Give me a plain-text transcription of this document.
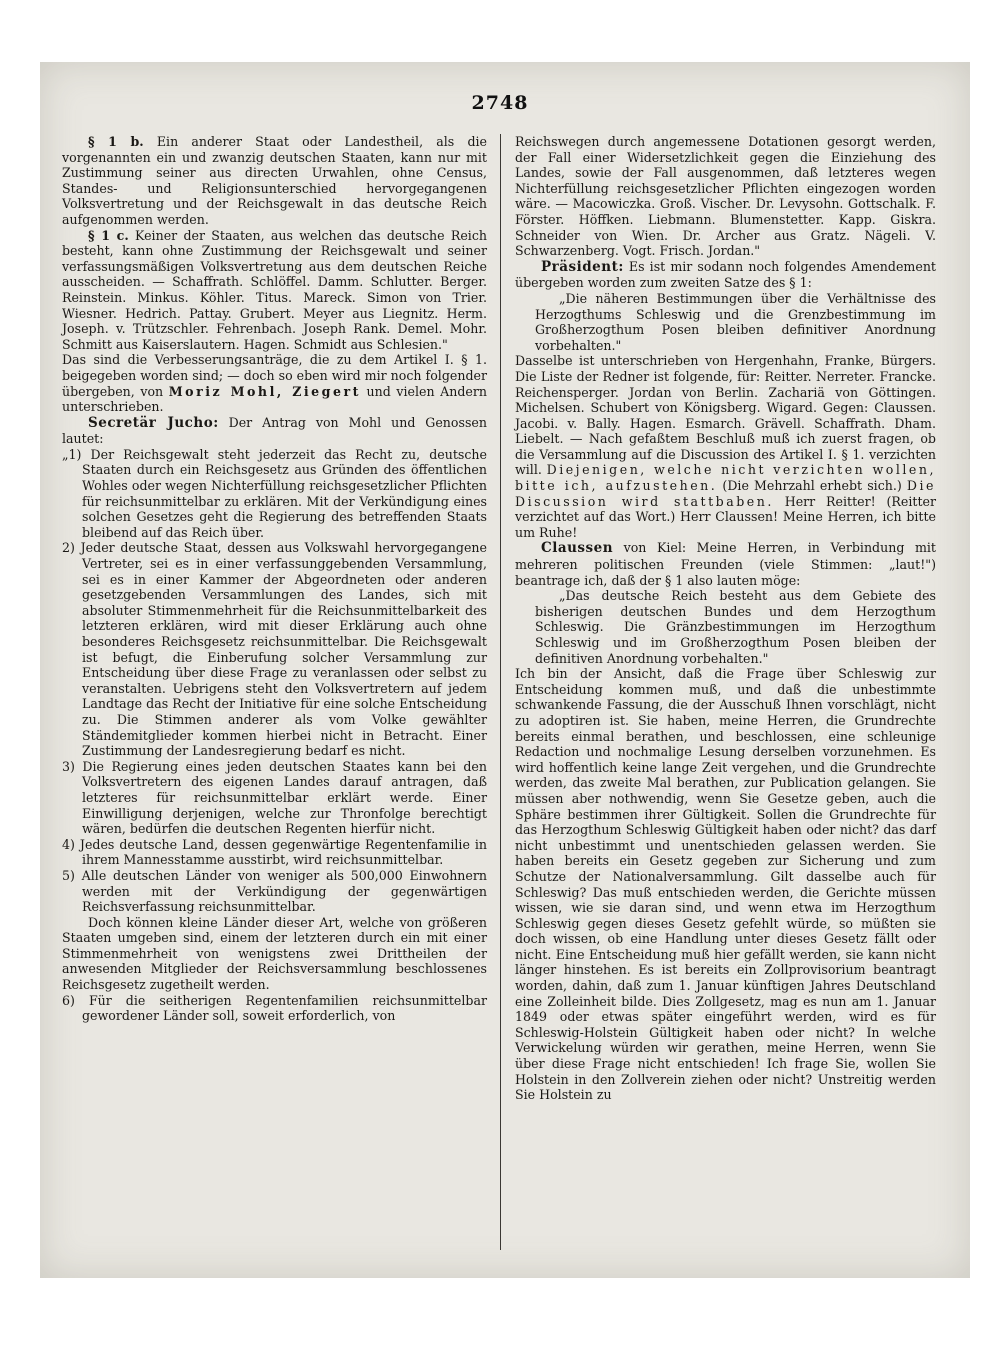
2748

§ 1 b. Ein anderer Staat oder Landestheil, als die vorgenannten ein und zwanzig deutschen Staaten, kann nur mit Zustimmung seiner aus directen Urwahlen, ohne Census, Standes- und Religionsunterschied hervorgegangenen Volksvertretung und der Reichsgewalt in das deutsche Reich aufgenommen werden.

§ 1 c. Keiner der Staaten, aus welchen das deutsche Reich besteht, kann ohne Zustimmung der Reichsgewalt und seiner verfassungsmäßigen Volksvertretung aus dem deutschen Reiche ausscheiden. — Schaffrath. Schlöffel. Damm. Schlutter. Berger. Reinstein. Minkus. Köhler. Titus. Mareck. Simon von Trier. Wiesner. Hedrich. Pattay. Grubert. Meyer aus Liegnitz. Herm. Joseph. v. Trützschler. Fehrenbach. Joseph Rank. Demel. Mohr. Schmitt aus Kaiserslautern. Hagen. Schmidt aus Schlesien."

Das sind die Verbesserungsanträge, die zu dem Artikel I. § 1. beigegeben worden sind; — doch so eben wird mir noch folgender übergeben, von Moriz Mohl, Ziegert und vielen Andern unterschrieben.

Secretär Jucho: Der Antrag von Mohl und Genossen lautet:

„1) Der Reichsgewalt steht jederzeit das Recht zu, deutsche Staaten durch ein Reichsgesetz aus Gründen des öffentlichen Wohles oder wegen Nichterfüllung reichsgesetzlicher Pflichten für reichsunmittelbar zu erklären. Mit der Verkündigung eines solchen Gesetzes geht die Regierung des betreffenden Staats bleibend auf das Reich über.

2) Jeder deutsche Staat, dessen aus Volkswahl hervorgegangene Vertreter, sei es in einer verfassunggebenden Versammlung, sei es in einer Kammer der Abgeordneten oder anderen gesetzgebenden Versammlungen des Landes, sich mit absoluter Stimmenmehrheit für die Reichsunmittelbarkeit des letzteren erklären, wird mit dieser Erklärung auch ohne besonderes Reichsgesetz reichsunmittelbar. Die Reichsgewalt ist befugt, die Einberufung solcher Versammlung zur Entscheidung über diese Frage zu veranlassen oder selbst zu veranstalten. Uebrigens steht den Volksvertretern auf jedem Landtage das Recht der Initiative für eine solche Entscheidung zu. Die Stimmen anderer als vom Volke gewählter Ständemitglieder kommen hierbei nicht in Betracht. Einer Zustimmung der Landesregierung bedarf es nicht.

3) Die Regierung eines jeden deutschen Staates kann bei den Volksvertretern des eigenen Landes darauf antragen, daß letzteres für reichsunmittelbar erklärt werde. Einer Einwilligung derjenigen, welche zur Thronfolge berechtigt wären, bedürfen die deutschen Regenten hierfür nicht.

4) Jedes deutsche Land, dessen gegenwärtige Regentenfamilie in ihrem Mannesstamme ausstirbt, wird reichsunmittelbar.

5) Alle deutschen Länder von weniger als 500,000 Einwohnern werden mit der Verkündigung der gegenwärtigen Reichsverfassung reichsunmittelbar.

Doch können kleine Länder dieser Art, welche von größeren Staaten umgeben sind, einem der letzteren durch ein mit einer Stimmenmehrheit von wenigstens zwei Drittheilen der anwesenden Mitglieder der Reichsversammlung beschlossenes Reichsgesetz zugetheilt werden.

6) Für die seitherigen Regentenfamilien reichsunmittelbar gewordener Länder soll, soweit erforderlich, von

Reichswegen durch angemessene Dotationen gesorgt werden, der Fall einer Widersetzlichkeit gegen die Einziehung des Landes, sowie der Fall ausgenommen, daß letzteres wegen Nichterfüllung reichsgesetzlicher Pflichten eingezogen worden wäre. — Macowiczka. Groß. Vischer. Dr. Levysohn. Gottschalk. F. Förster. Höffken. Liebmann. Blumenstetter. Kapp. Giskra. Schneider von Wien. Dr. Archer aus Gratz. Nägeli. V. Schwarzenberg. Vogt. Frisch. Jordan."

Präsident: Es ist mir sodann noch folgendes Amendement übergeben worden zum zweiten Satze des § 1:

„Die näheren Bestimmungen über die Verhältnisse des Herzogthums Schleswig und die Grenzbestimmung im Großherzogthum Posen bleiben definitiver Anordnung vorbehalten."

Dasselbe ist unterschrieben von Hergenhahn, Franke, Bürgers. Die Liste der Redner ist folgende, für: Reitter. Nerreter. Francke. Reichensperger. Jordan von Berlin. Zachariä von Göttingen. Michelsen. Schubert von Königsberg. Wigard. Gegen: Claussen. Jacobi. v. Bally. Hagen. Esmarch. Grävell. Schaffrath. Dham. Liebelt. — Nach gefaßtem Beschluß muß ich zuerst fragen, ob die Versammlung auf die Discussion des Artikel I. § 1. verzichten will. Diejenigen, welche nicht verzichten wollen, bitte ich, aufzustehen. (Die Mehrzahl erhebt sich.) Die Discussion wird stattbaben. Herr Reitter! (Reitter verzichtet auf das Wort.) Herr Claussen! Meine Herren, ich bitte um Ruhe!

Claussen von Kiel: Meine Herren, in Verbindung mit mehreren politischen Freunden (viele Stimmen: „laut!") beantrage ich, daß der § 1 also lauten möge:

„Das deutsche Reich besteht aus dem Gebiete des bisherigen deutschen Bundes und dem Herzogthum Schleswig. Die Gränzbestimmungen im Herzogthum Schleswig und im Großherzogthum Posen bleiben der definitiven Anordnung vorbehalten."

Ich bin der Ansicht, daß die Frage über Schleswig zur Entscheidung kommen muß, und daß die unbestimmte schwankende Fassung, die der Ausschuß Ihnen vorschlägt, nicht zu adoptiren ist. Sie haben, meine Herren, die Grundrechte bereits einmal berathen, und beschlossen, eine schleunige Redaction und nochmalige Lesung derselben vorzunehmen. Es wird hoffentlich keine lange Zeit vergehen, und die Grundrechte werden, das zweite Mal berathen, zur Publication gelangen. Sie müssen aber nothwendig, wenn Sie Gesetze geben, auch die Sphäre bestimmen ihrer Gültigkeit. Sollen die Grundrechte für das Herzogthum Schleswig Gültigkeit haben oder nicht? das darf nicht unbestimmt und unentschieden gelassen werden. Sie haben bereits ein Gesetz gegeben zur Sicherung und zum Schutze der Nationalversammlung. Gilt dasselbe auch für Schleswig? Das muß entschieden werden, die Gerichte müssen wissen, wie sie daran sind, und wenn etwa im Herzogthum Schleswig gegen dieses Gesetz gefehlt würde, so müßten sie doch wissen, ob eine Handlung unter dieses Gesetz fällt oder nicht. Eine Entscheidung muß hier gefällt werden, sie kann nicht länger hinstehen. Es ist bereits ein Zollprovisorium beantragt worden, dahin, daß zum 1. Januar künftigen Jahres Deutschland eine Zolleinheit bilde. Dies Zollgesetz, mag es nun am 1. Januar 1849 oder etwas später eingeführt werden, wird es für Schleswig-Holstein Gültigkeit haben oder nicht? In welche Verwickelung würden wir gerathen, meine Herren, wenn Sie über diese Frage nicht entschieden! Ich frage Sie, wollen Sie Holstein in den Zollverein ziehen oder nicht? Unstreitig werden Sie Holstein zu
